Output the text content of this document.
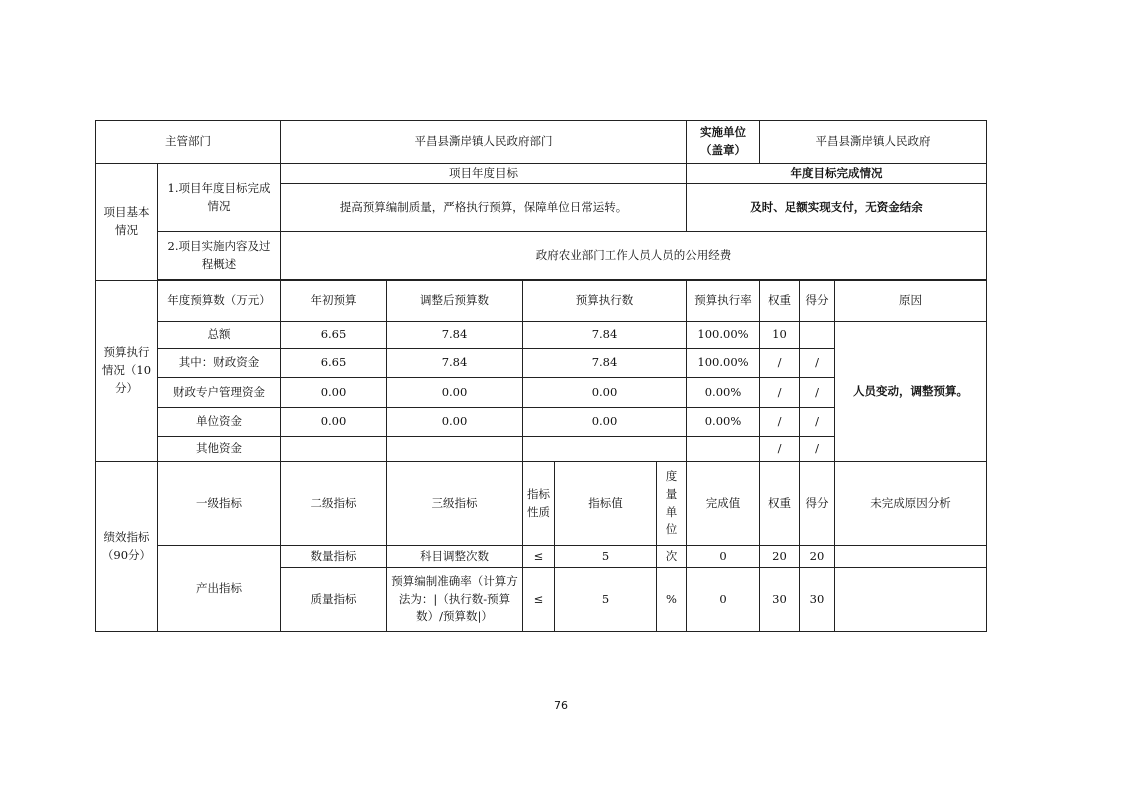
主管部门		平昌县澌岸镇人民政府部门					实施单位（盖章）	平昌县澌岸镇人民政府		
项目基本情况	1.项目年度目标完成情况	项目年度目标					年度目标完成情况			
		提高预算编制质量，严格执行预算，保障单位日常运转。					及时、足额实现支付，无资金结余			
	2.项目实施内容及过程概述	政府农业部门工作人员人员的公用经费								

预算执行情况（10分）	年度预算数（万元）	年初预算	调整后预算数	预算执行数			预算执行率	权重	得分	原因
	总额	6.65	7.84	7.84			100.00%	10		人员变动，调整预算。
	其中：财政资金	6.65	7.84	7.84			100.00%	/	/	
	财政专户管理资金	0.00	0.00	0.00			0.00%	/	/	
	单位资金	0.00	0.00	0.00			0.00%	/	/	
	其他资金							/	/	
绩效指标（90分）	一级指标	二级指标	三级指标	指标性质	指标值	度量单位	完成值	权重	得分	未完成原因分析
	产出指标	数量指标	科目调整次数	≤	5	次	0	20	20	
		质量指标	预算编制准确率（计算方法为：|（执行数-预算数）/预算数|）	≤	5	%	0	30	30	
76
